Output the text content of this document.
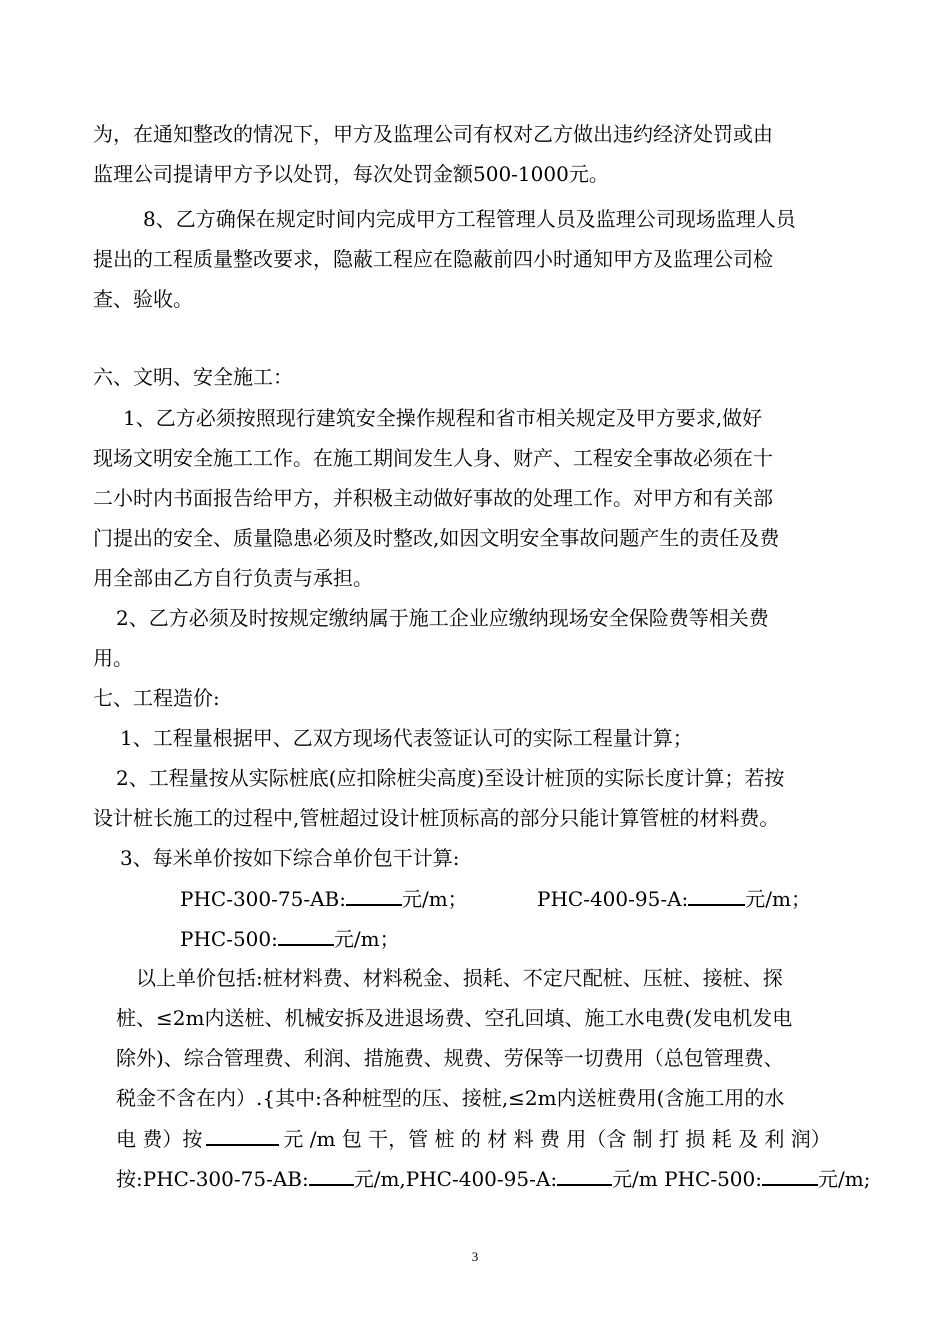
为，在通知整改的情况下，甲方及监理公司有权对乙方做出违约经济处罚或由
监理公司提请甲方予以处罚，每次处罚金额500-1000元。
8、乙方确保在规定时间内完成甲方工程管理人员及监理公司现场监理人员
提出的工程质量整改要求，隐蔽工程应在隐蔽前四小时通知甲方及监理公司检
查、验收。
六、文明、安全施工：
1、乙方必须按照现行建筑安全操作规程和省市相关规定及甲方要求,做好
现场文明安全施工工作。在施工期间发生人身、财产、工程安全事故必须在十
二小时内书面报告给甲方，并积极主动做好事故的处理工作。对甲方和有关部
门提出的安全、质量隐患必须及时整改,如因文明安全事故问题产生的责任及费
用全部由乙方自行负责与承担。
2、乙方必须及时按规定缴纳属于施工企业应缴纳现场安全保险费等相关费
用。
七、工程造价:
1、工程量根据甲、乙双方现场代表签证认可的实际工程量计算；
2、工程量按从实际桩底(应扣除桩尖高度)至设计桩顶的实际长度计算；若按
设计桩长施工的过程中,管桩超过设计桩顶标高的部分只能计算管桩的材料费。
3、每米单价按如下综合单价包干计算:
PHC-300-75-AB:	元/m；	PHC-400-95-A:	元/m；
PHC-500:	元/m；
以上单价包括:桩材料费、材料税金、损耗、不定尺配桩、压桩、接桩、探
桩、≤2m内送桩、机械安拆及进退场费、空孔回填、施工水电费(发电机发电
除外)、综合管理费、利润、措施费、规费、劳保等一切费用（总包管理费、
税金不含在内）.{其中:各种桩型的压、接桩,≤2m内送桩费用(含施工用的水
电 费）按	元 /m 包 干，管 桩 的 材 料 费 用（含 制 打 损 耗 及 利 润）
按:PHC-300-75-AB: 元/m,PHC-400-95-A:	元/m PHC-500:	元/m;
3
